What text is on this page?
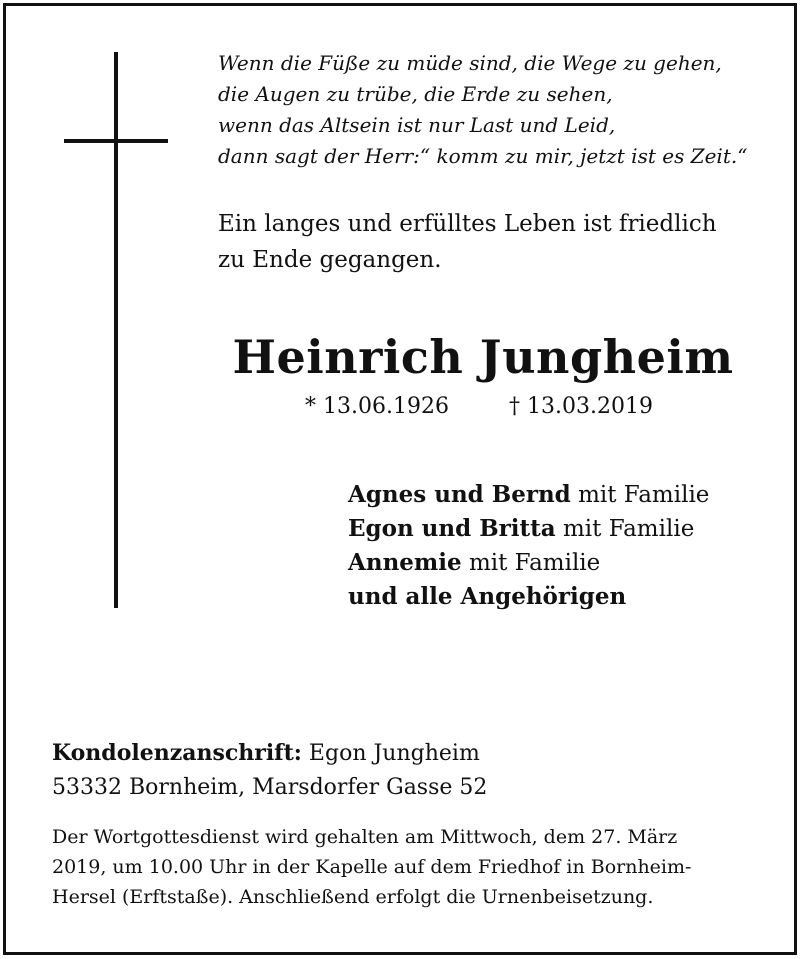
Wenn die Füße zu müde sind, die Wege zu gehen,
die Augen zu trübe, die Erde zu sehen,
wenn das Altsein ist nur Last und Leid,
dann sagt der Herr:“ komm zu mir, jetzt ist es Zeit.“
Ein langes und erfülltes Leben ist friedlich
zu Ende gegangen.
Heinrich Jungheim
* 13.06.1926	† 13.03.2019
Agnes und Bernd mit Familie
Egon und Britta mit Familie
Annemie mit Familie
und alle Angehörigen
Kondolenzanschrift: Egon Jungheim
53332 Bornheim, Marsdorfer Gasse 52
Der Wortgottesdienst wird gehalten am Mittwoch, dem 27. März
2019, um 10.00 Uhr in der Kapelle auf dem Friedhof in Bornheim-
Hersel (Erftstaße). Anschließend erfolgt die Urnenbeisetzung.
